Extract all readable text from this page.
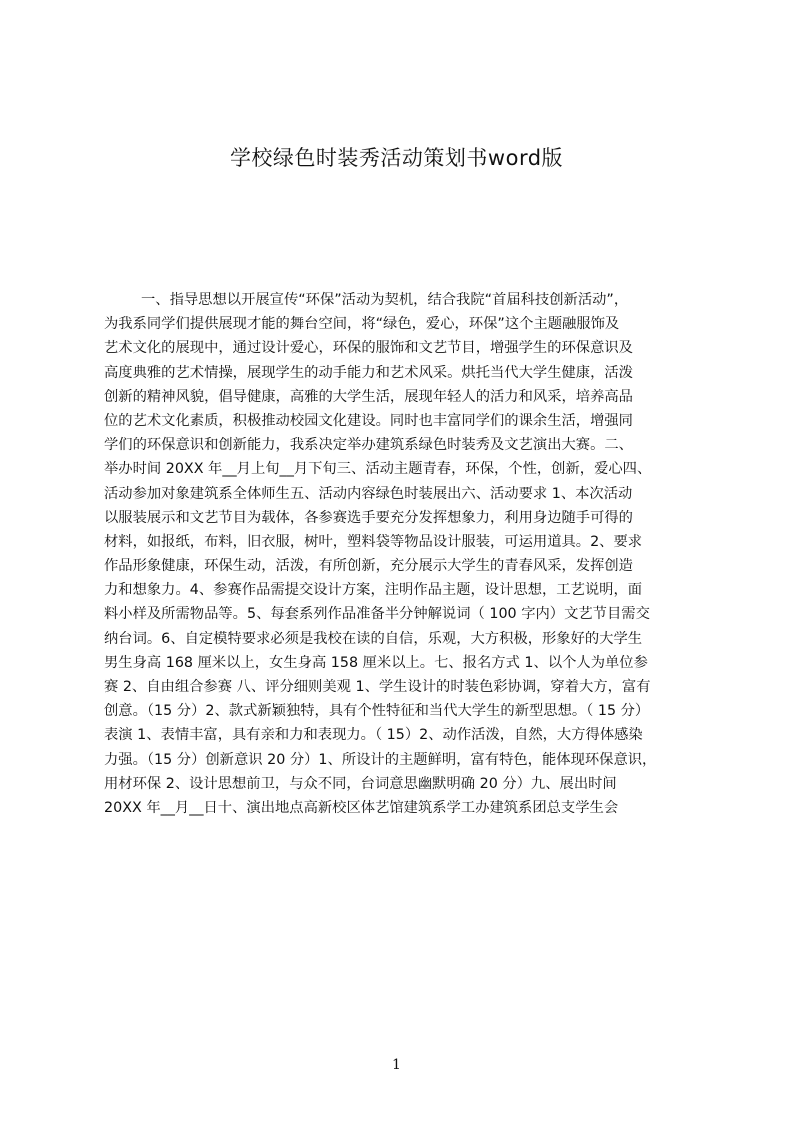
学校绿色时装秀活动策划书word版
一、指导思想以开展宣传“环保”活动为契机，结合我院“首届科技创新活动”，
为我系同学们提供展现才能的舞台空间，将“绿色，爱心，环保”这个主题融服饰及
艺术文化的展现中，通过设计爱心，环保的服饰和文艺节目，增强学生的环保意识及
高度典雅的艺术情操，展现学生的动手能力和艺术风采。烘托当代大学生健康，活泼
创新的精神风貌，倡导健康，高雅的大学生活，展现年轻人的活力和风采，培养高品
位的艺术文化素质，积极推动校园文化建设。同时也丰富同学们的课余生活，增强同
学们的环保意识和创新能力，我系决定举办建筑系绿色时装秀及文艺演出大赛。二、
举办时间 20XX 年__月上旬__月下旬三、活动主题青春，环保，个性，创新，爱心四、
活动参加对象建筑系全体师生五、活动内容绿色时装展出六、活动要求 1、本次活动
以服装展示和文艺节目为载体，各参赛选手要充分发挥想象力，利用身边随手可得的
材料，如报纸，布料，旧衣服，树叶，塑料袋等物品设计服装，可运用道具。2、要求
作品形象健康，环保生动，活泼，有所创新，充分展示大学生的青春风采，发挥创造
力和想象力。4、参赛作品需提交设计方案，注明作品主题，设计思想，工艺说明，面
料小样及所需物品等。5、每套系列作品准备半分钟解说词（ 100 字内）文艺节目需交
纳台词。6、自定模特要求必须是我校在读的自信，乐观，大方积极，形象好的大学生
男生身高 168 厘米以上，女生身高 158 厘米以上。七、报名方式 1、以个人为单位参
赛 2、自由组合参赛 八、评分细则美观 1、学生设计的时装色彩协调，穿着大方，富有
创意。（15 分）2、款式新颖独特，具有个性特征和当代大学生的新型思想。（ 15 分）
表演 1、表情丰富，具有亲和力和表现力。（ 15）2、动作活泼，自然，大方得体感染
力强。（15 分）创新意识 20 分）1、所设计的主题鲜明，富有特色，能体现环保意识，
用材环保 2、设计思想前卫，与众不同，台词意思幽默明确 20 分）九、展出时间
20XX 年__月__日十、演出地点高新校区体艺馆建筑系学工办建筑系团总支学生会
1
